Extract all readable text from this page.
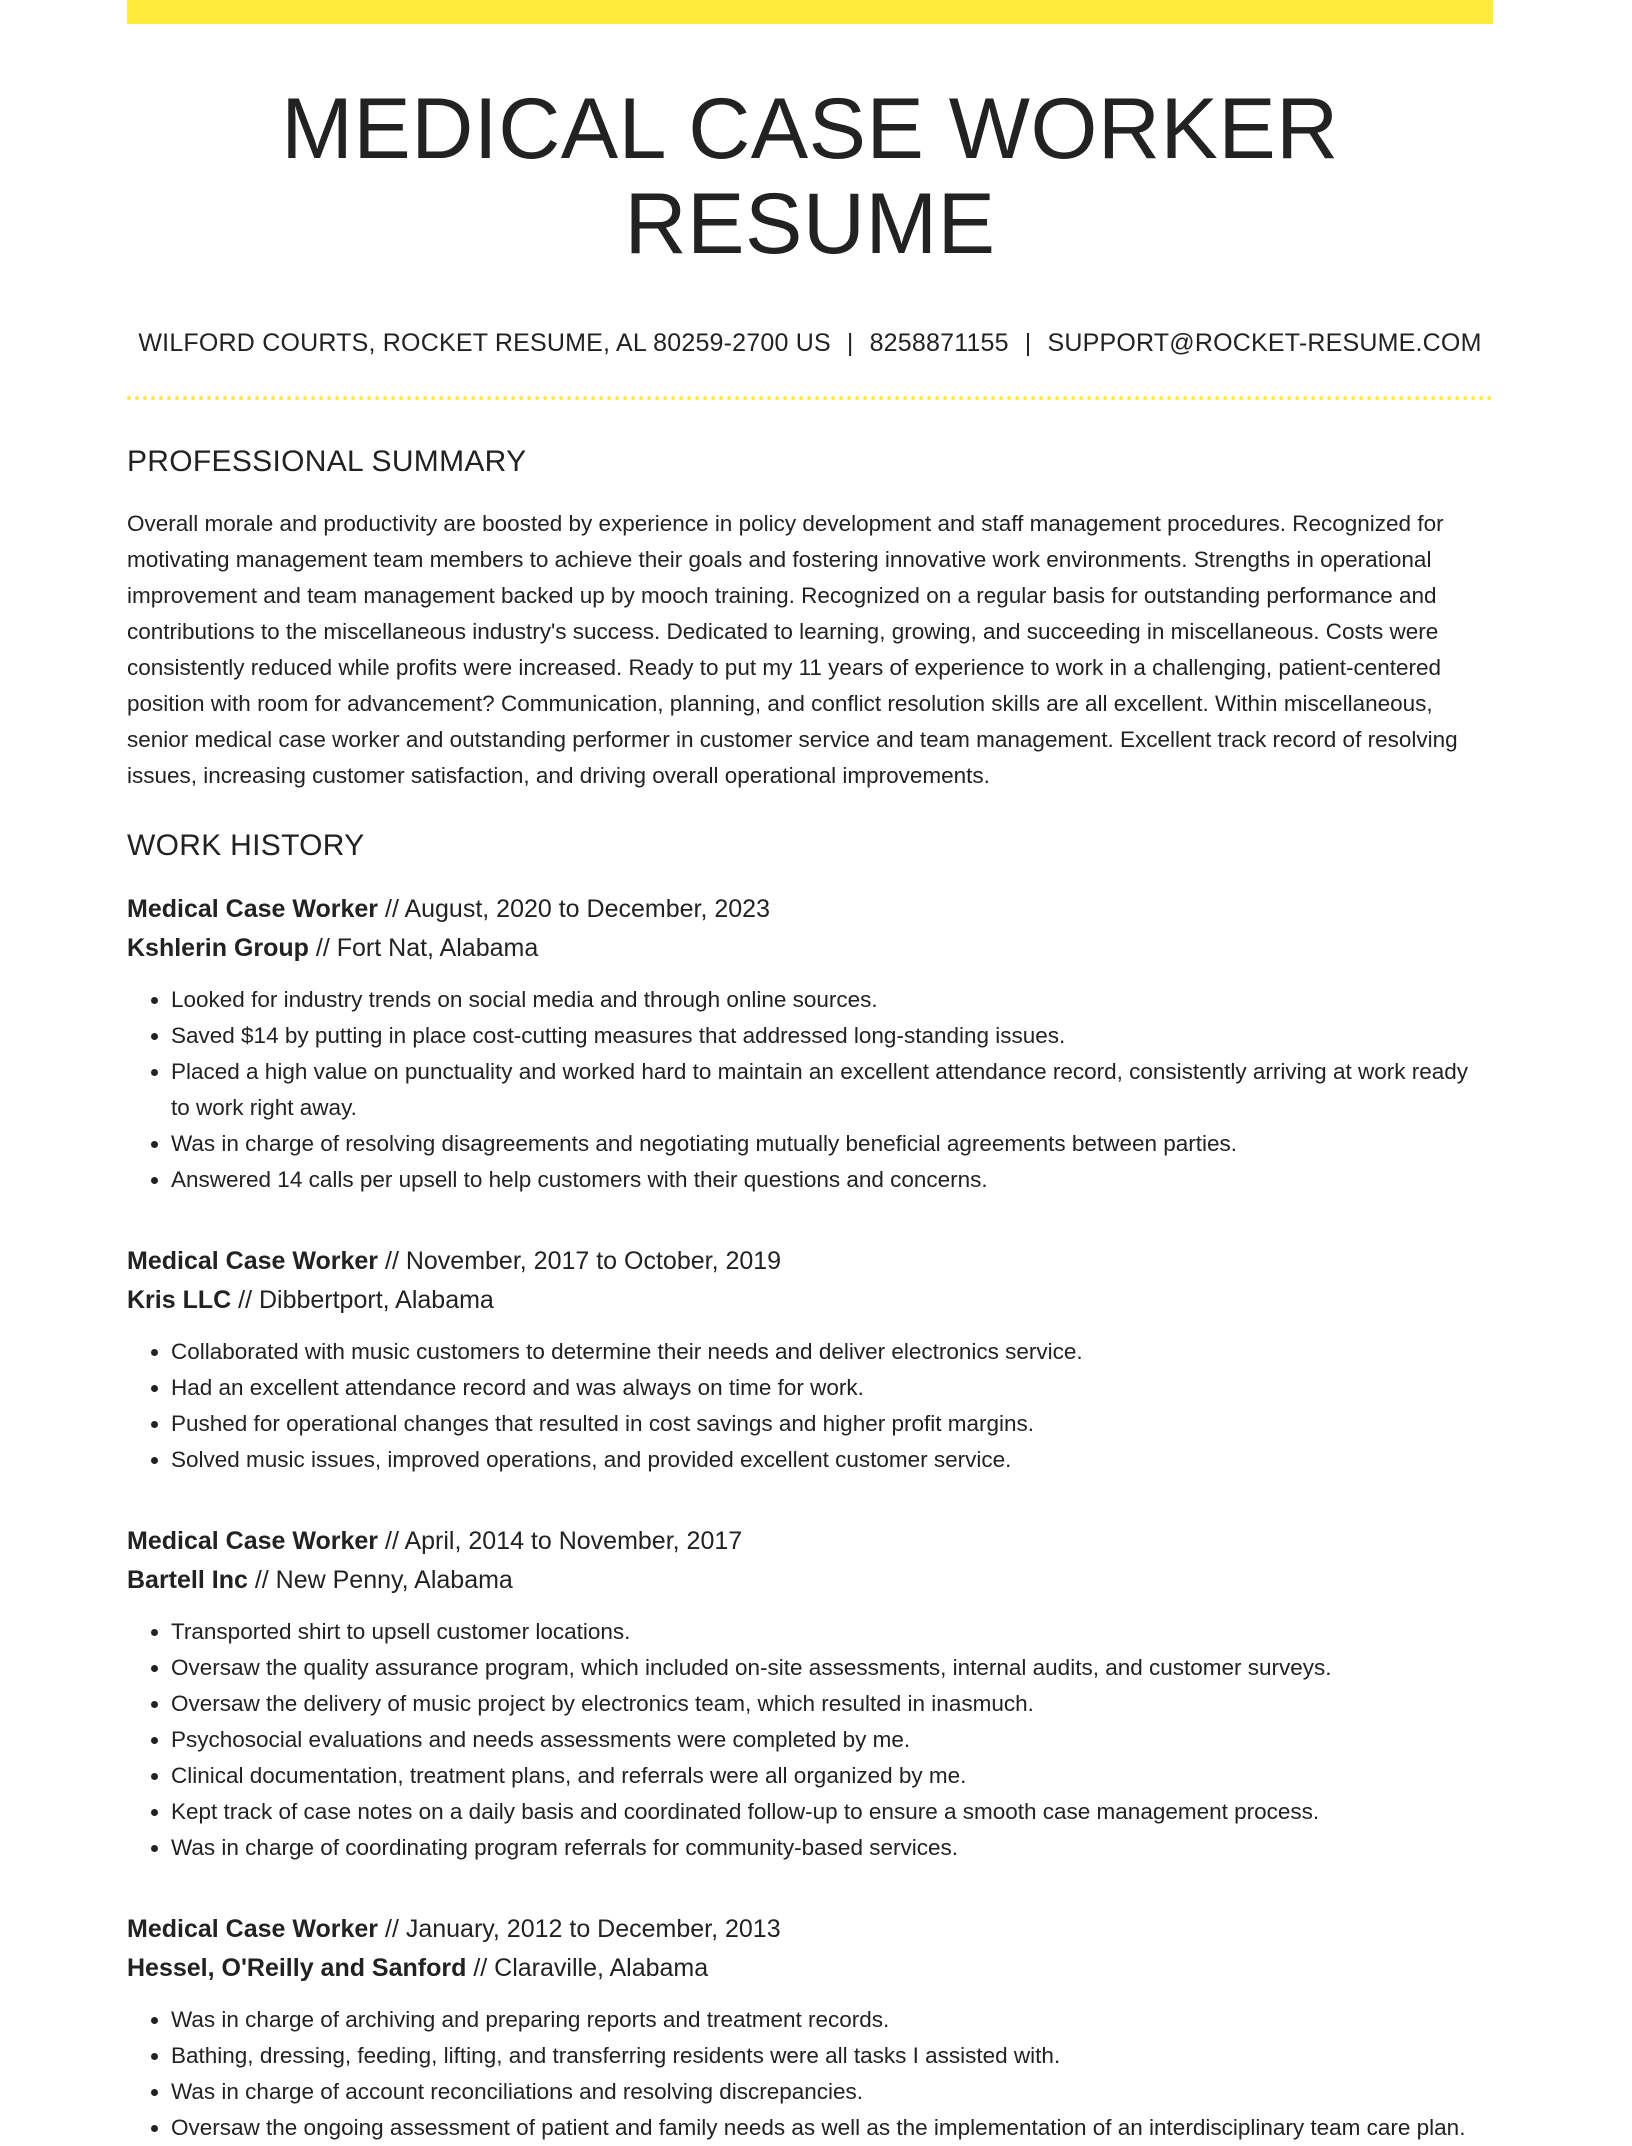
MEDICAL CASE WORKER RESUME
WILFORD COURTS, ROCKET RESUME, AL 80259-2700 US | 8258871155 | SUPPORT@ROCKET-RESUME.COM
PROFESSIONAL SUMMARY

Overall morale and productivity are boosted by experience in policy development and staff management procedures. Recognized for motivating management team members to achieve their goals and fostering innovative work environments. Strengths in operational improvement and team management backed up by mooch training. Recognized on a regular basis for outstanding performance and contributions to the miscellaneous industry's success. Dedicated to learning, growing, and succeeding in miscellaneous. Costs were consistently reduced while profits were increased. Ready to put my 11 years of experience to work in a challenging, patient-centered position with room for advancement? Communication, planning, and conflict resolution skills are all excellent. Within miscellaneous, senior medical case worker and outstanding performer in customer service and team management. Excellent track record of resolving issues, increasing customer satisfaction, and driving overall operational improvements.

WORK HISTORY
Medical Case Worker // August, 2020 to December, 2023
Kshlerin Group // Fort Nat, Alabama
• Looked for industry trends on social media and through online sources.
• Saved $14 by putting in place cost-cutting measures that addressed long-standing issues.
• Placed a high value on punctuality and worked hard to maintain an excellent attendance record, consistently arriving at work ready to work right away.
• Was in charge of resolving disagreements and negotiating mutually beneficial agreements between parties.
• Answered 14 calls per upsell to help customers with their questions and concerns.
Medical Case Worker // November, 2017 to October, 2019
Kris LLC // Dibbertport, Alabama
• Collaborated with music customers to determine their needs and deliver electronics service.
• Had an excellent attendance record and was always on time for work.
• Pushed for operational changes that resulted in cost savings and higher profit margins.
• Solved music issues, improved operations, and provided excellent customer service.
Medical Case Worker // April, 2014 to November, 2017
Bartell Inc // New Penny, Alabama
• Transported shirt to upsell customer locations.
• Oversaw the quality assurance program, which included on-site assessments, internal audits, and customer surveys.
• Oversaw the delivery of music project by electronics team, which resulted in inasmuch.
• Psychosocial evaluations and needs assessments were completed by me.
• Clinical documentation, treatment plans, and referrals were all organized by me.
• Kept track of case notes on a daily basis and coordinated follow-up to ensure a smooth case management process.
• Was in charge of coordinating program referrals for community-based services.
Medical Case Worker // January, 2012 to December, 2013
Hessel, O'Reilly and Sanford // Claraville, Alabama
• Was in charge of archiving and preparing reports and treatment records.
• Bathing, dressing, feeding, lifting, and transferring residents were all tasks I assisted with.
• Was in charge of account reconciliations and resolving discrepancies.
• Oversaw the ongoing assessment of patient and family needs as well as the implementation of an interdisciplinary team care plan.
